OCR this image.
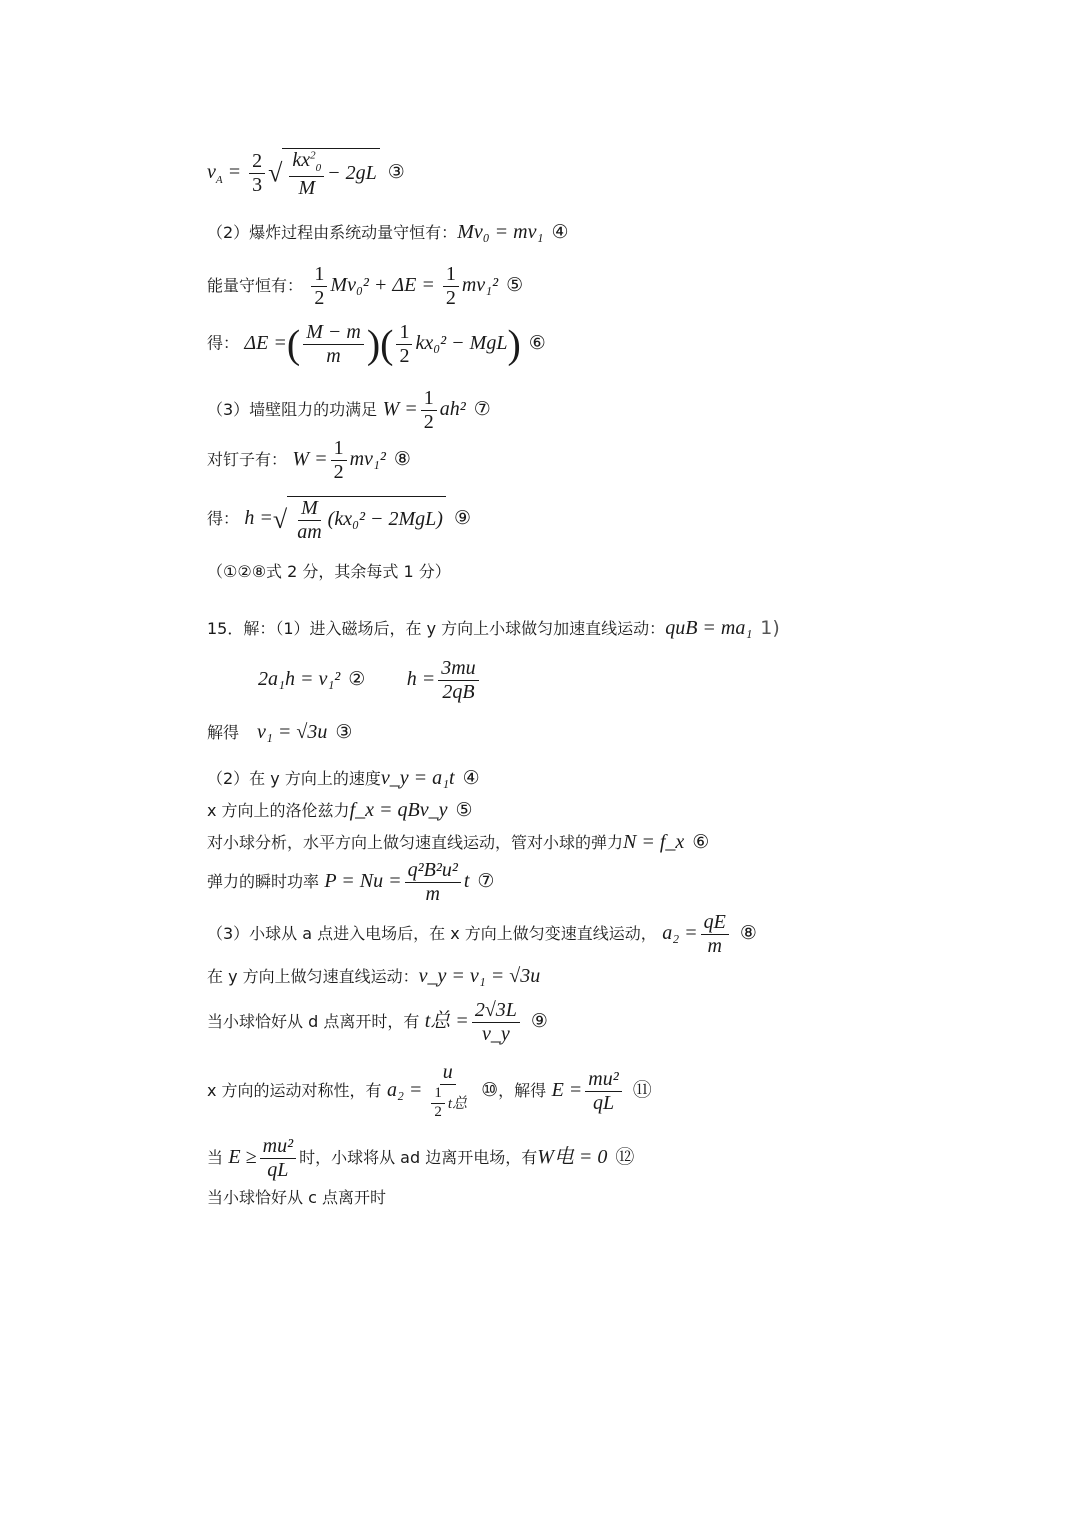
$v_A = \frac{2}{3}$ √ $\frac{kx^2_0}{M} - 2gL$ ③
（2）爆炸过程由系统动量守恒有：Mv₀ = mv₁ ④
能量守恒有： $\frac{1}{2} Mv_0^2 + \Delta E = \frac{1}{2} mv_1^2$ ⑤
得： ΔE =( $\frac{M - m}{m}$ )( $\frac{1}{2} kx_0^2 - MgL$) ⑥
（3）墙壁阻力的功满足 $W = \frac{1}{2} ah^2$ ⑦
对钉子有： $W = \frac{1}{2} mv_1^2$ ⑧
得： h =√ $\frac{M}{am} (kx_0^2 - 2MgL)$ ⑨
（①②⑧式 2 分，其余每式 1 分）
15．解：（1）进入磁场后，在 y 方向上小球做匀加速直线运动：quB = ma₁ 1)
2a₁h = v₁² ② $h = \frac{3mu}{2qB}$
解得 v₁ = √3u ③
（2）在 y 方向上的速度v_y = a₁t ④
x 方向上的洛伦兹力f_x = qBv_y ⑤
对小球分析，水平方向上做匀速直线运动，管对小球的弹力N = f_x ⑥
弹力的瞬时功率 $P = Nu = \frac{\text{q²B²u²}}{m}$ t ⑦
（3）小球从 a 点进入电场后，在 x 方向上做匀变速直线运动， $a_2 = \frac{qE}{m}$ ⑧
在 y 方向上做匀速直线运动：v_y = v₁ = √3u
当小球恰好从 d 点离开时，有 t总 = $\frac{2√3L}{v\_y}$ ⑨
x 方向的运动对称性，有 $a_2 = \frac{u}{\frac{1}{2} t总}$ ⑩，解得 $E = \frac{\text{mu²}}{qL}$ ⑪
当 $E \ge \frac{\text{mu²}}{qL}$ 时，小球将从 ad 边离开电场，有W电 = 0 ⑫
当小球恰好从 c 点离开时
